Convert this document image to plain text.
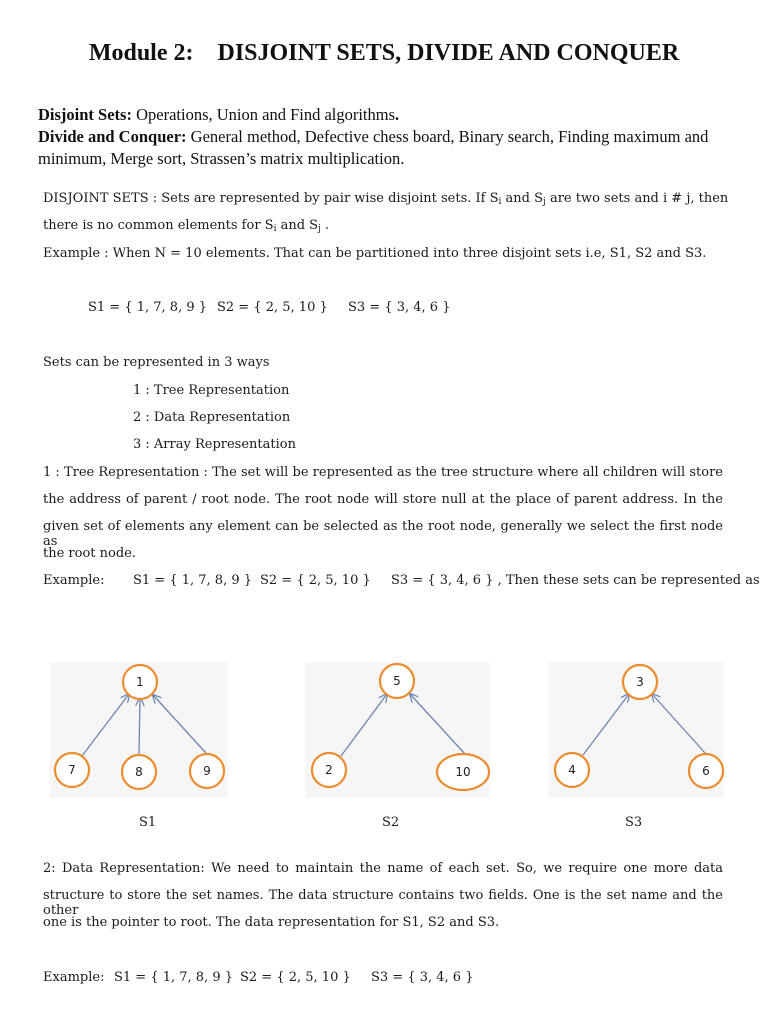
Module 2:    DISJOINT SETS, DIVIDE AND CONQUER
Disjoint Sets: Operations, Union and Find algorithms.
Divide and Conquer: General method, Defective chess board, Binary search, Finding maximum and minimum, Merge sort, Strassen’s matrix multiplication.
DISJOINT SETS : Sets are represented by pair wise disjoint sets. If $S_i$ and $S_j$ are two sets and i # j, then
there is no common elements for $S_i$ and $S_j$ .
Example : When N = 10 elements. That can be partitioned into three disjoint sets i.e, S1, S2 and S3.
S1 = { 1, 7, 8, 9 } S2 = { 2, 5, 10 } S3 = { 3, 4, 6 }
Sets can be represented in 3 ways
1 : Tree Representation
2 : Data Representation
3 : Array Representation
1 : Tree Representation : The set will be represented as the tree structure where all children will store
the address of parent / root node. The root node will store null at the place of parent address. In the
given set of elements any element can be selected as the root node, generally we select the first node as
the root node.
Example: S1 = { 1, 7, 8, 9 } S2 = { 2, 5, 10 } S3 = { 3, 4, 6 } , Then these sets can be represented as
1
7	8	9
5
2	10
3
4	6
S1	S2	S3
2: Data Representation: We need to maintain the name of each set. So, we require one more data
structure to store the set names. The data structure contains two fields. One is the set name and the other
one is the pointer to root. The data representation for S1, S2 and S3.
Example: S1 = { 1, 7, 8, 9 } S2 = { 2, 5, 10 } S3 = { 3, 4, 6 }
